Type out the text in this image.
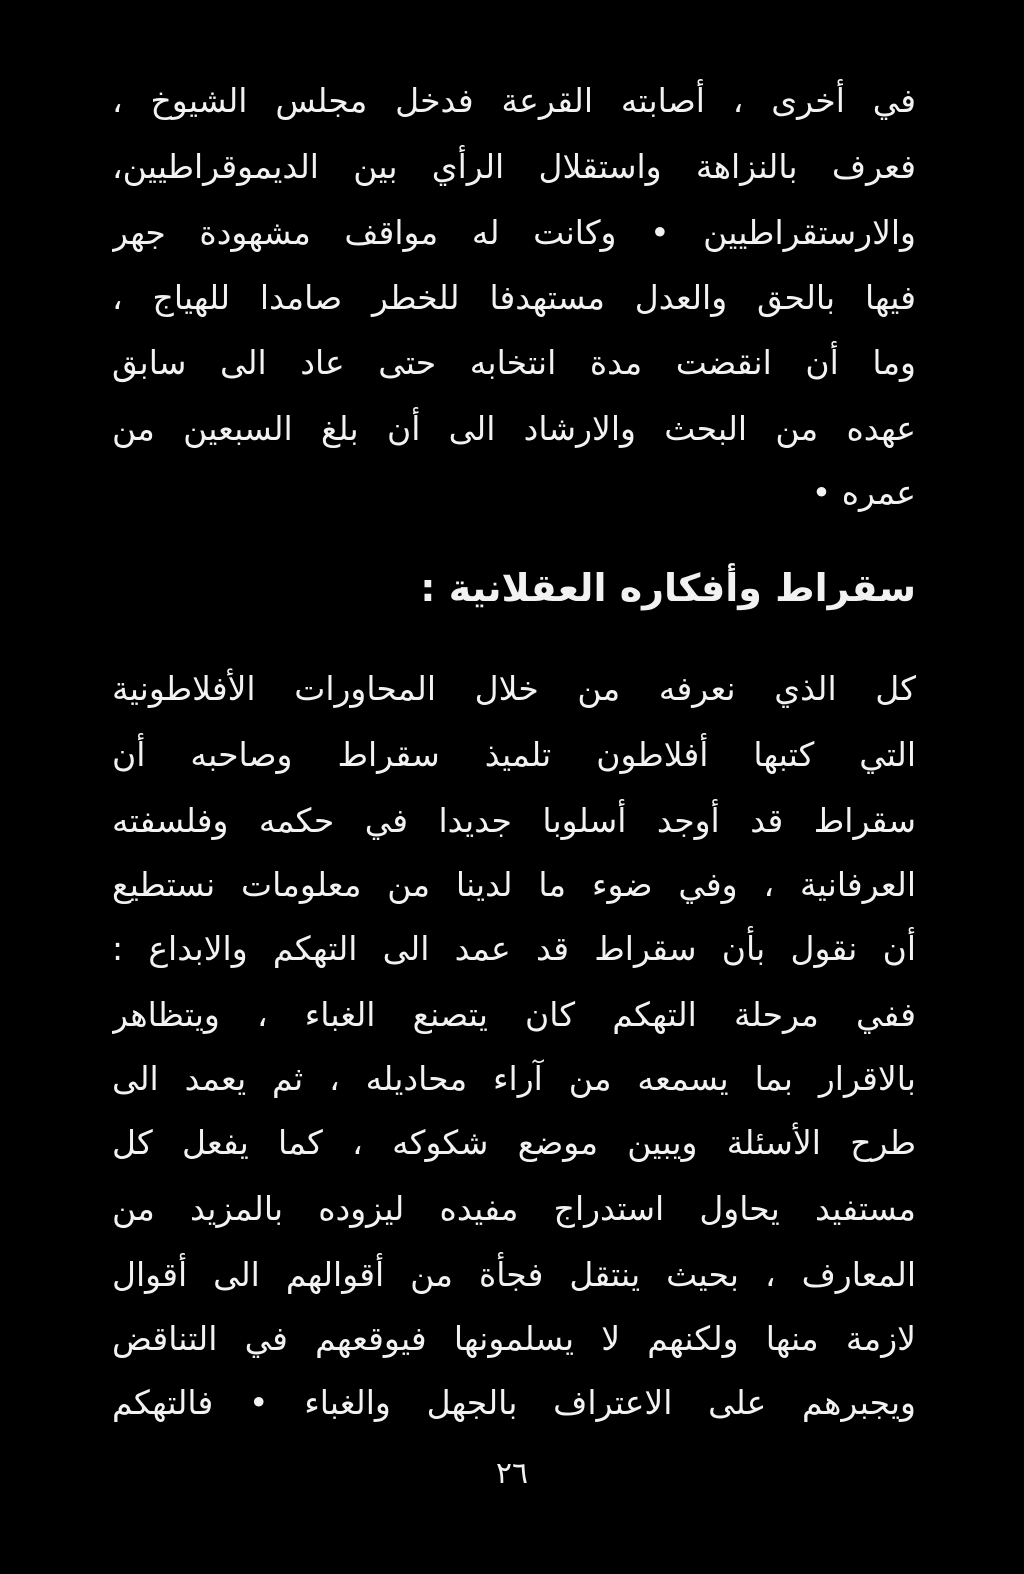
في أخرى ، أصابته القرعة فدخل مجلس الشيوخ ،
فعرف بالنزاهة واستقلال الرأي بين الديموقراطيين،
والارستقراطيين • وكانت له مواقف مشهودة جهر
فيها بالحق والعدل مستهدفا للخطر صامدا للهياج ،
وما أن انقضت مدة انتخابه حتى عاد الى سابق
عهده من البحث والارشاد الى أن بلغ السبعين من
عمره •
سقراط وأفكاره العقلانية :
كل الذي نعرفه من خلال المحاورات الأفلاطونية
التي كتبها أفلاطون تلميذ سقراط وصاحبه أن
سقراط قد أوجد أسلوبا جديدا في حكمه وفلسفته
العرفانية ، وفي ضوء ما لدينا من معلومات نستطيع
أن نقول بأن سقراط قد عمد الى التهكم والابداع :
ففي مرحلة التهكم كان يتصنع الغباء ، ويتظاهر
بالاقرار بما يسمعه من آراء محاديله ، ثم يعمد الى
طرح الأسئلة ويبين موضع شكوكه ، كما يفعل كل
مستفيد يحاول استدراج مفيده ليزوده بالمزيد من
المعارف ، بحيث ينتقل فجأة من أقوالهم الى أقوال
لازمة منها ولكنهم لا يسلمونها فيوقعهم في التناقض
ويجبرهم على الاعتراف بالجهل والغباء • فالتهكم
٢٦
